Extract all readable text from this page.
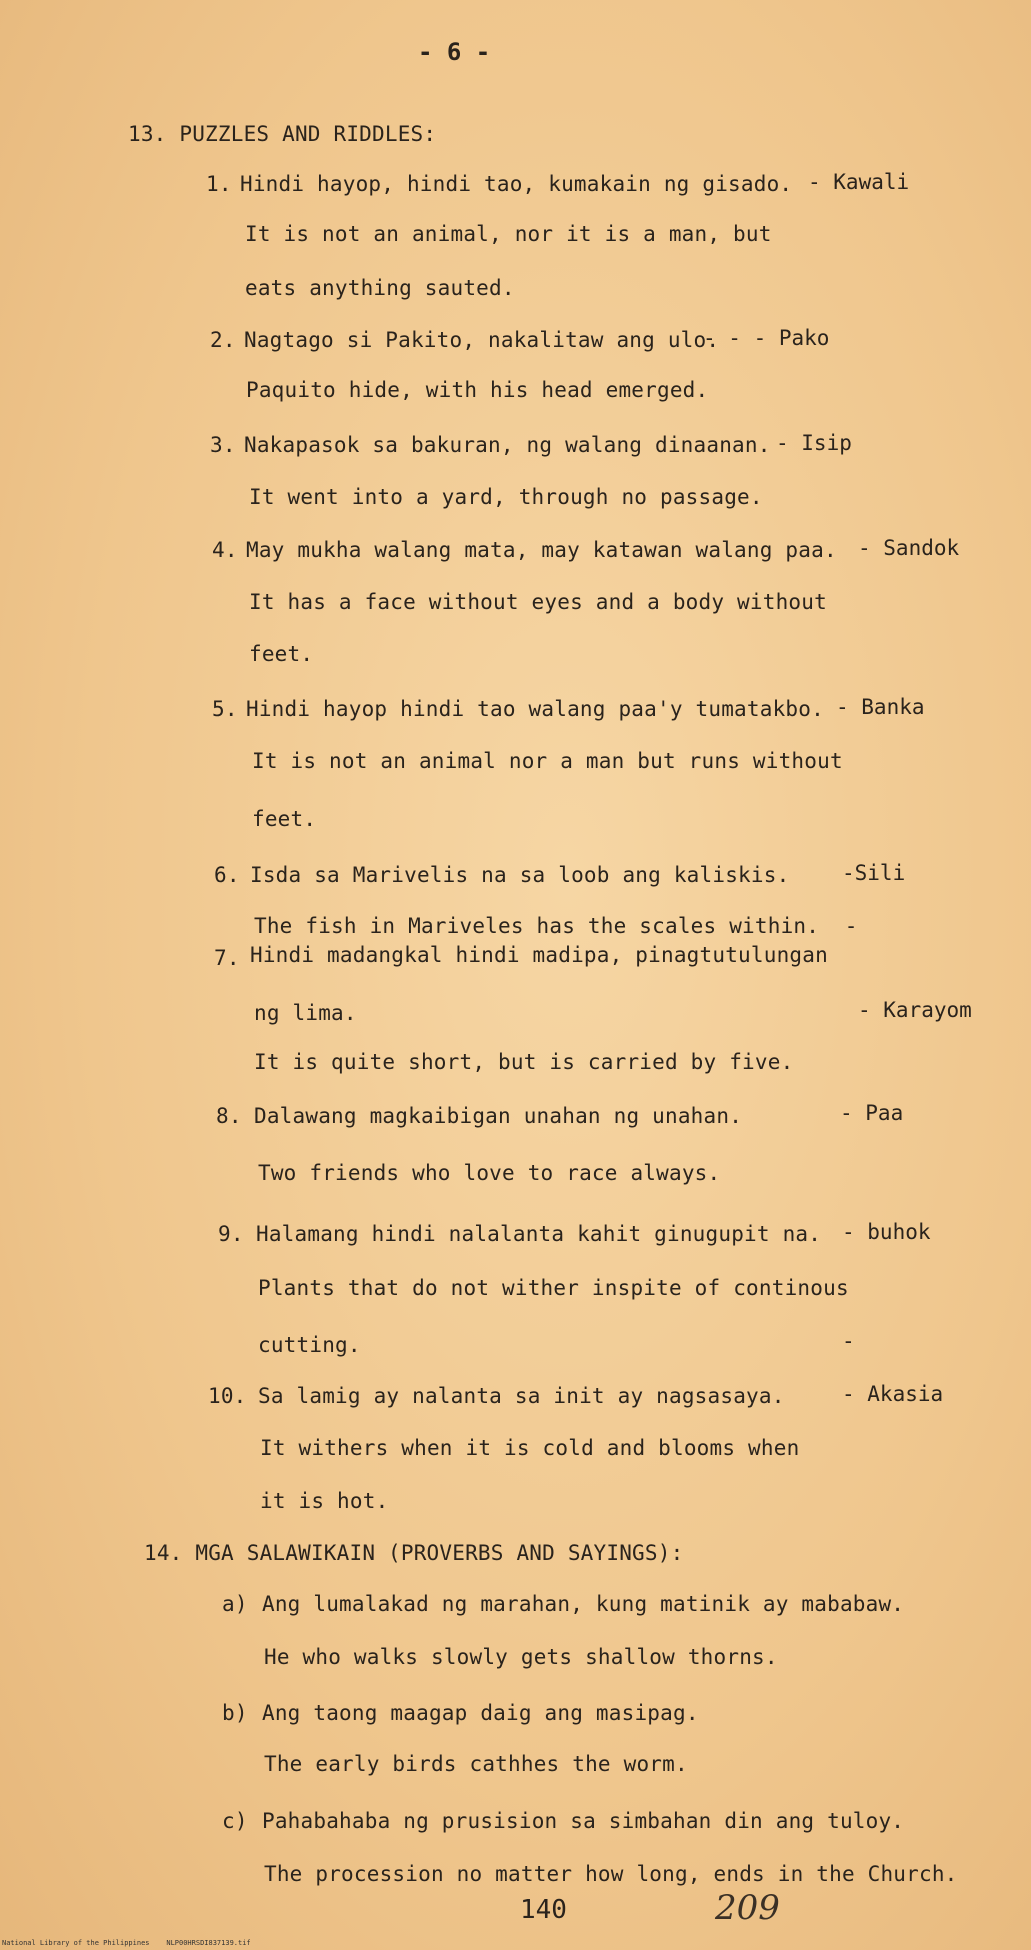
- 6 -
13. PUZZLES AND RIDDLES:
1. Hindi hayop, hindi tao, kumakain ng gisado. - Kawali
It is not an animal, nor it is a man, but
eats anything sauted.
2. Nagtago si Pakito, nakalitaw ang ulo.
- - - Pako
Paquito hide, with his head emerged.
3. Nakapasok sa bakuran, ng walang dinaanan. - Isip
It went into a yard, through no passage.
4. May mukha walang mata, may katawan walang paa. - Sandok
It has a face without eyes and a body without
feet.
5. Hindi hayop hindi tao walang paa'y tumatakbo. - Banka
It is not an animal nor a man but runs without
feet.
6. Isda sa Marivelis na sa loob ang kaliskis.	-Sili
The fish in Mariveles has the scales within.  -
7. Hindi madangkal hindi madipa, pinagtutulungan
ng lima.	- Karayom
It is quite short, but is carried by five.
8. Dalawang magkaibigan unahan ng unahan.	- Paa
Two friends who love to race always.
9. Halamang hindi nalalanta kahit ginugupit na. - buhok
Plants that do not wither inspite of continous
cutting.	-
10. Sa lamig ay nalanta sa init ay nagsasaya.	- Akasia
It withers when it is cold and blooms when
it is hot.
14. MGA SALAWIKAIN (PROVERBS AND SAYINGS):
a) Ang lumalakad ng marahan, kung matinik ay mababaw.
He who walks slowly gets shallow thorns.
b) Ang taong maagap daig ang masipag.
The early birds cathhes the worm.
c) Pahabahaba ng prusision sa simbahan din ang tuloy.
The procession no matter how long, ends in the Church.
140	209
National Library of the Philippines    NLP00HRSDI837139.tif
